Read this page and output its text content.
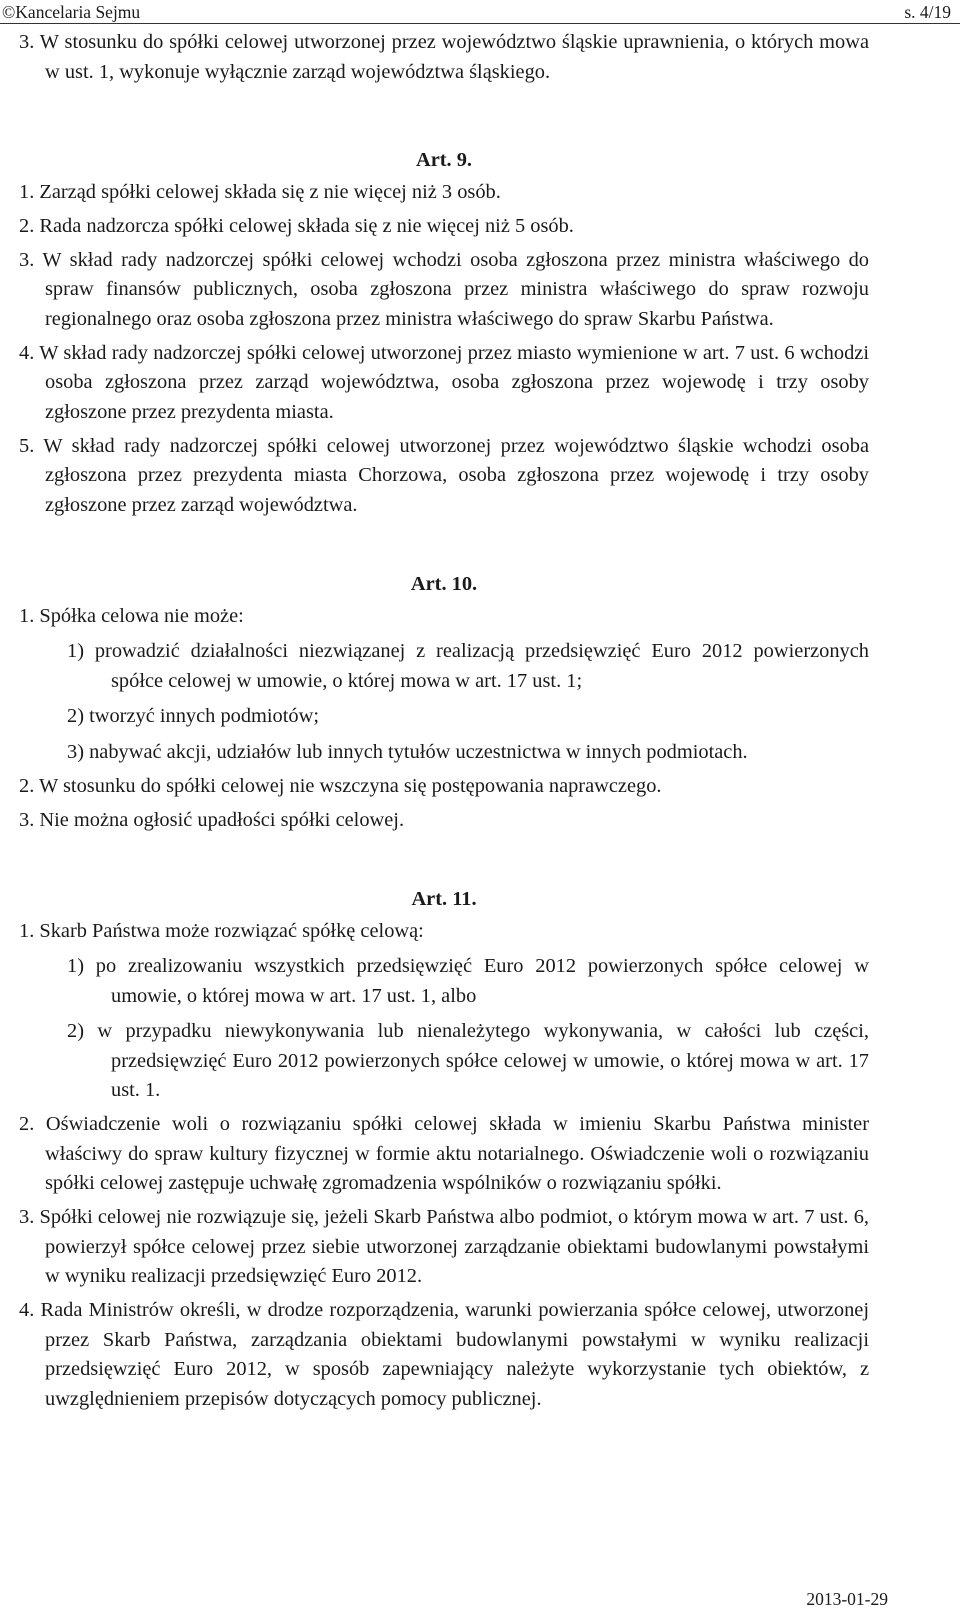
©Kancelaria Sejmu	s. 4/19

3. W stosunku do spółki celowej utworzonej przez województwo śląskie uprawnienia, o których mowa w ust. 1, wykonuje wyłącznie zarząd województwa śląskiego.

Art. 9.

1. Zarząd spółki celowej składa się z nie więcej niż 3 osób.

2. Rada nadzorcza spółki celowej składa się z nie więcej niż 5 osób.

3. W skład rady nadzorczej spółki celowej wchodzi osoba zgłoszona przez ministra właściwego do spraw finansów publicznych, osoba zgłoszona przez ministra właściwego do spraw rozwoju regionalnego oraz osoba zgłoszona przez ministra właściwego do spraw Skarbu Państwa.

4. W skład rady nadzorczej spółki celowej utworzonej przez miasto wymienione w art. 7 ust. 6 wchodzi osoba zgłoszona przez zarząd województwa, osoba zgłoszona przez wojewodę i trzy osoby zgłoszone przez prezydenta miasta.

5. W skład rady nadzorczej spółki celowej utworzonej przez województwo śląskie wchodzi osoba zgłoszona przez prezydenta miasta Chorzowa, osoba zgłoszona przez wojewodę i trzy osoby zgłoszone przez zarząd województwa.

Art. 10.

1. Spółka celowa nie może:

1) prowadzić działalności niezwiązanej z realizacją przedsięwzięć Euro 2012 powierzonych spółce celowej w umowie, o której mowa w art. 17 ust. 1;

2) tworzyć innych podmiotów;

3) nabywać akcji, udziałów lub innych tytułów uczestnictwa w innych podmiotach.

2. W stosunku do spółki celowej nie wszczyna się postępowania naprawczego.

3. Nie można ogłosić upadłości spółki celowej.

Art. 11.

1. Skarb Państwa może rozwiązać spółkę celową:

1) po zrealizowaniu wszystkich przedsięwzięć Euro 2012 powierzonych spółce celowej w umowie, o której mowa w art. 17 ust. 1, albo

2) w przypadku niewykonywania lub nienależytego wykonywania, w całości lub części, przedsięwzięć Euro 2012 powierzonych spółce celowej w umowie, o której mowa w art. 17 ust. 1.

2. Oświadczenie woli o rozwiązaniu spółki celowej składa w imieniu Skarbu Państwa minister właściwy do spraw kultury fizycznej w formie aktu notarialnego. Oświadczenie woli o rozwiązaniu spółki celowej zastępuje uchwałę zgromadzenia wspólników o rozwiązaniu spółki.

3. Spółki celowej nie rozwiązuje się, jeżeli Skarb Państwa albo podmiot, o którym mowa w art. 7 ust. 6, powierzył spółce celowej przez siebie utworzonej zarządzanie obiektami budowlanymi powstałymi w wyniku realizacji przedsięwzięć Euro 2012.

4. Rada Ministrów określi, w drodze rozporządzenia, warunki powierzania spółce celowej, utworzonej przez Skarb Państwa, zarządzania obiektami budowlanymi powstałymi w wyniku realizacji przedsięwzięć Euro 2012, w sposób zapewniający należyte wykorzystanie tych obiektów, z uwzględnieniem przepisów dotyczących pomocy publicznej.

2013-01-29
